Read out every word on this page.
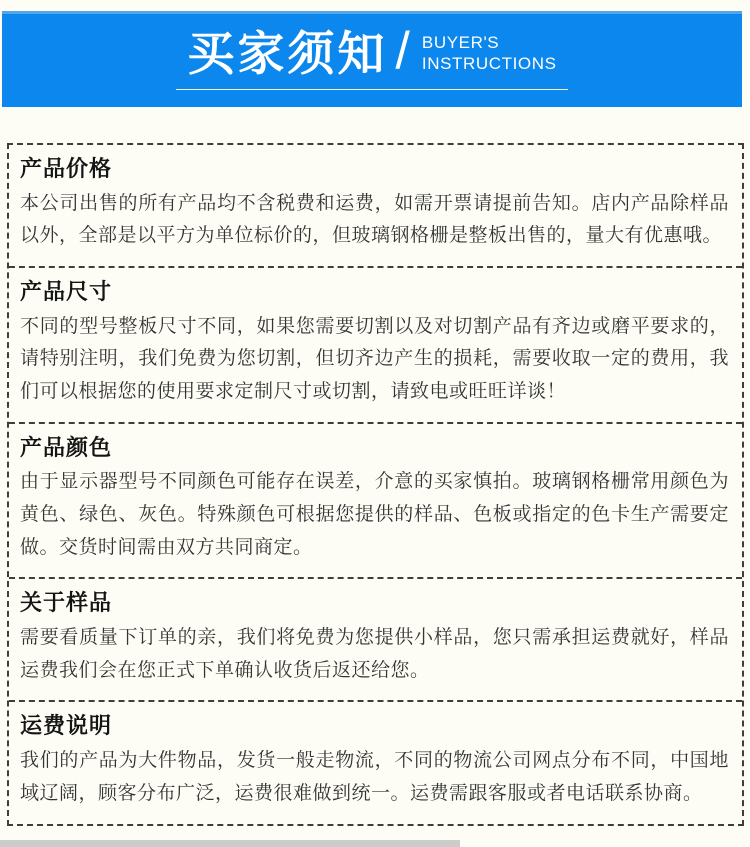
买家须知 / BUYER'S
INSTRUCTIONS
产品价格

本公司出售的所有产品均不含税费和运费，如需开票请提前告知。店内产品除样品以外，全部是以平方为单位标价的，但玻璃钢格栅是整板出售的，量大有优惠哦。

产品尺寸

不同的型号整板尺寸不同，如果您需要切割以及对切割产品有齐边或磨平要求的，请特别注明，我们免费为您切割，但切齐边产生的损耗，需要收取一定的费用，我们可以根据您的使用要求定制尺寸或切割，请致电或旺旺详谈！

产品颜色

由于显示器型号不同颜色可能存在误差，介意的买家慎拍。玻璃钢格栅常用颜色为黄色、绿色、灰色。特殊颜色可根据您提供的样品、色板或指定的色卡生产需要定做。交货时间需由双方共同商定。

关于样品

需要看质量下订单的亲，我们将免费为您提供小样品，您只需承担运费就好，样品运费我们会在您正式下单确认收货后返还给您。

运费说明

我们的产品为大件物品，发货一般走物流，不同的物流公司网点分布不同，中国地域辽阔，顾客分布广泛，运费很难做到统一。运费需跟客服或者电话联系协商。
